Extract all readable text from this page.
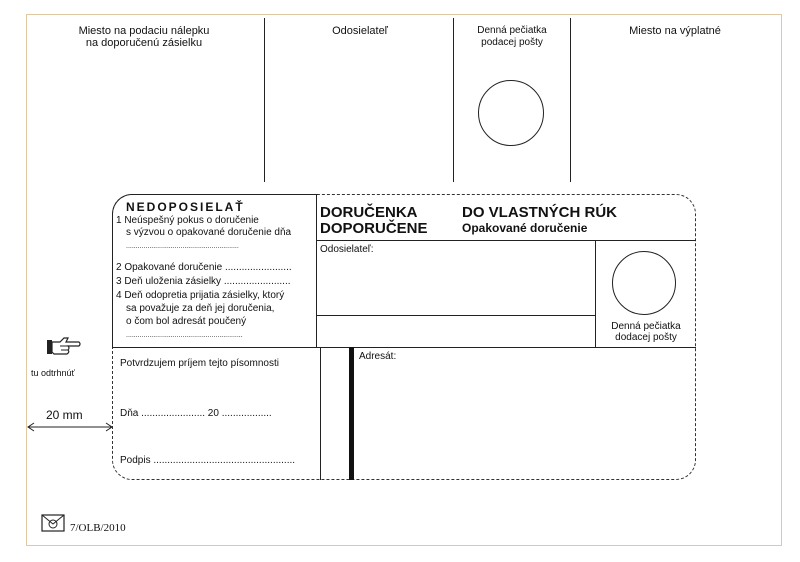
Miesto na podaciu nálepku
na doporučenú zásielku
Odosielateľ	Denná pečiatka
podacej pošty
Miesto na výplatné
NEDOPOSIELAŤ
1 Neúspešný pokus o doručenie
s výzvou o opakované doručenie dňa
..........................................................
2 Opakované doručenie ........................
3 Deň uloženia zásielky ........................
4 Deň odopretia prijatia zásielky, ktorý
sa považuje za deň jej doručenia,
o čom bol adresát poučený
............................................................
DORUČENKA
DOPORUČENE
DO VLASTNÝCH RÚK
Opakované doručenie
Odosielateľ:
Denná pečiatka
dodacej pošty
Potvrdzujem príjem tejto písomnosti
Dňa ....................... 20 ..................
Podpis ...................................................
Adresát:
tu odtrhnúť
20 mm
7/OLB/2010
